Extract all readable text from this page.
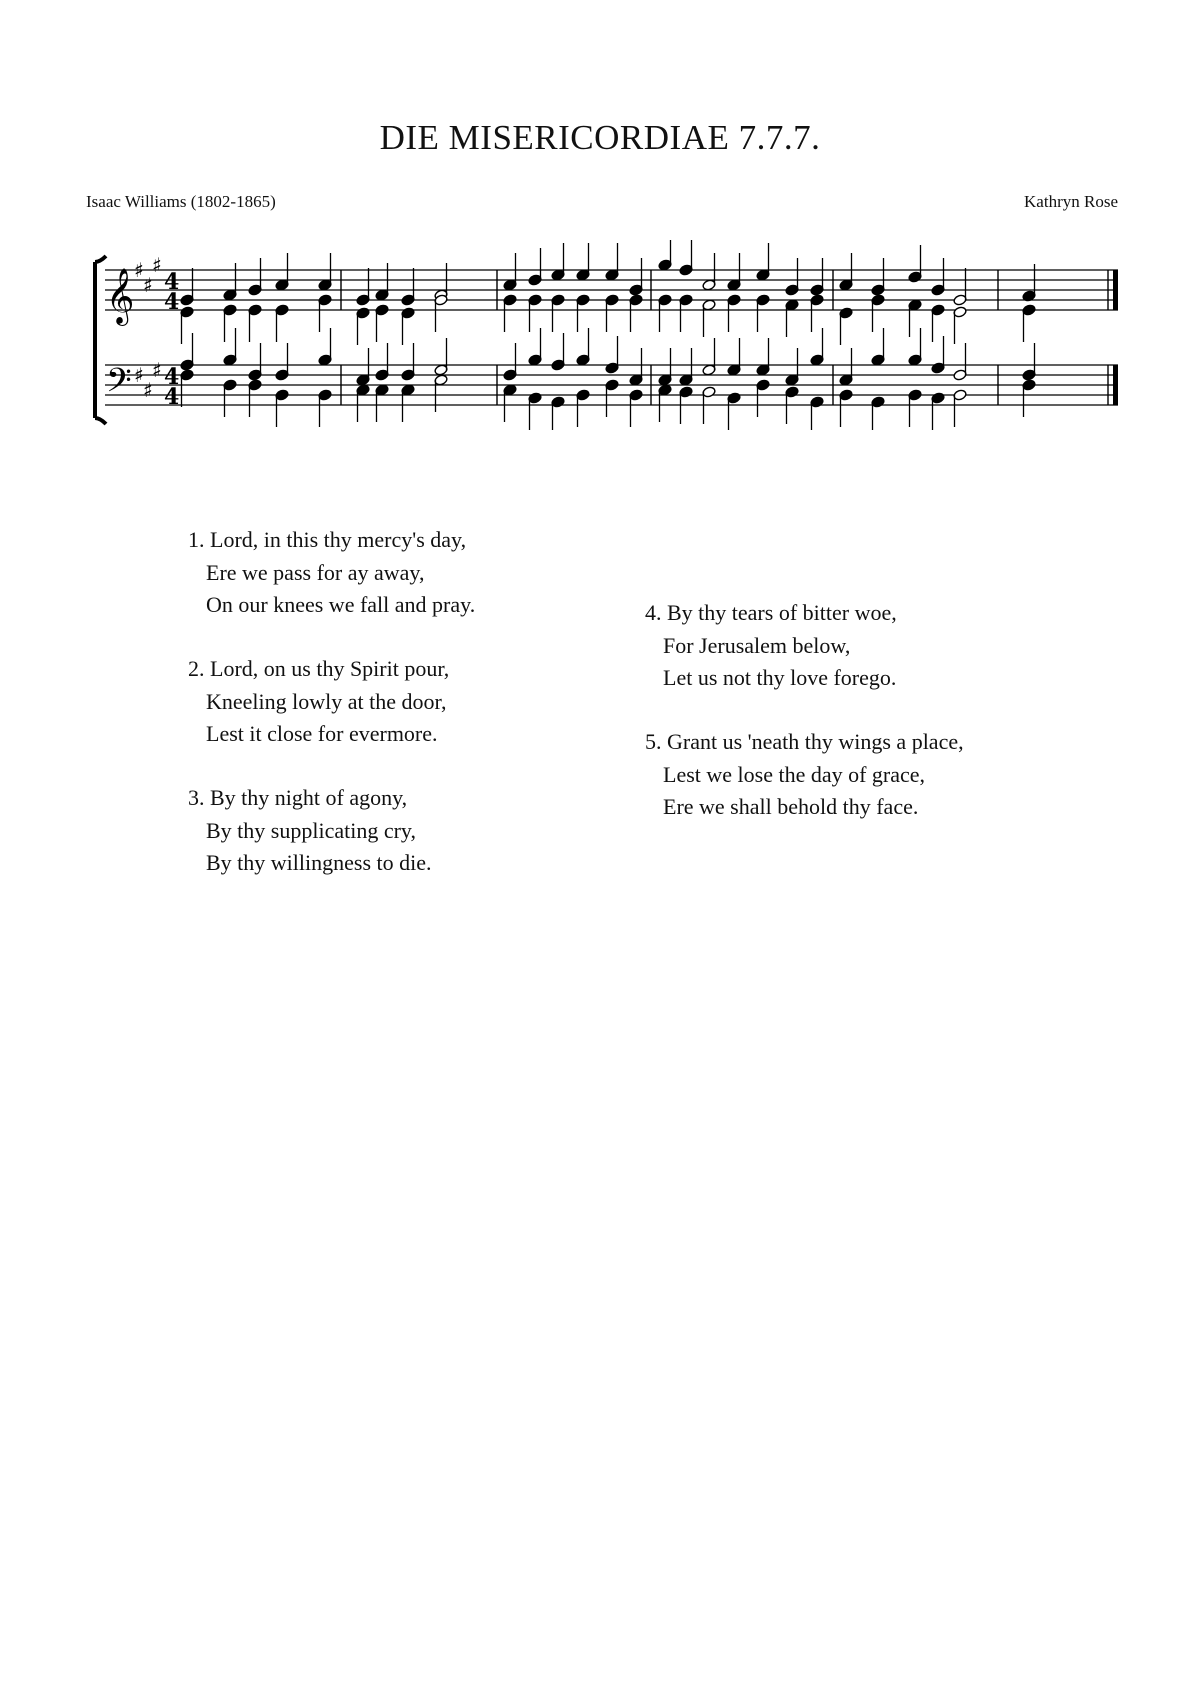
DIE MISERICORDIAE 7.7.7.
Isaac Williams (1802-1865)	Kathryn Rose
𝄞
𝄢
♯
♯
♯
♯
♯
♯
4
4
4
4
1. Lord, in this thy mercy's day,
Ere we pass for ay away,
On our knees we fall and pray.
2. Lord, on us thy Spirit pour,
Kneeling lowly at the door,
Lest it close for evermore.
3. By thy night of agony,
By thy supplicating cry,
By thy willingness to die.
4. By thy tears of bitter woe,
For Jerusalem below,
Let us not thy love forego.
5. Grant us 'neath thy wings a place,
Lest we lose the day of grace,
Ere we shall behold thy face.
